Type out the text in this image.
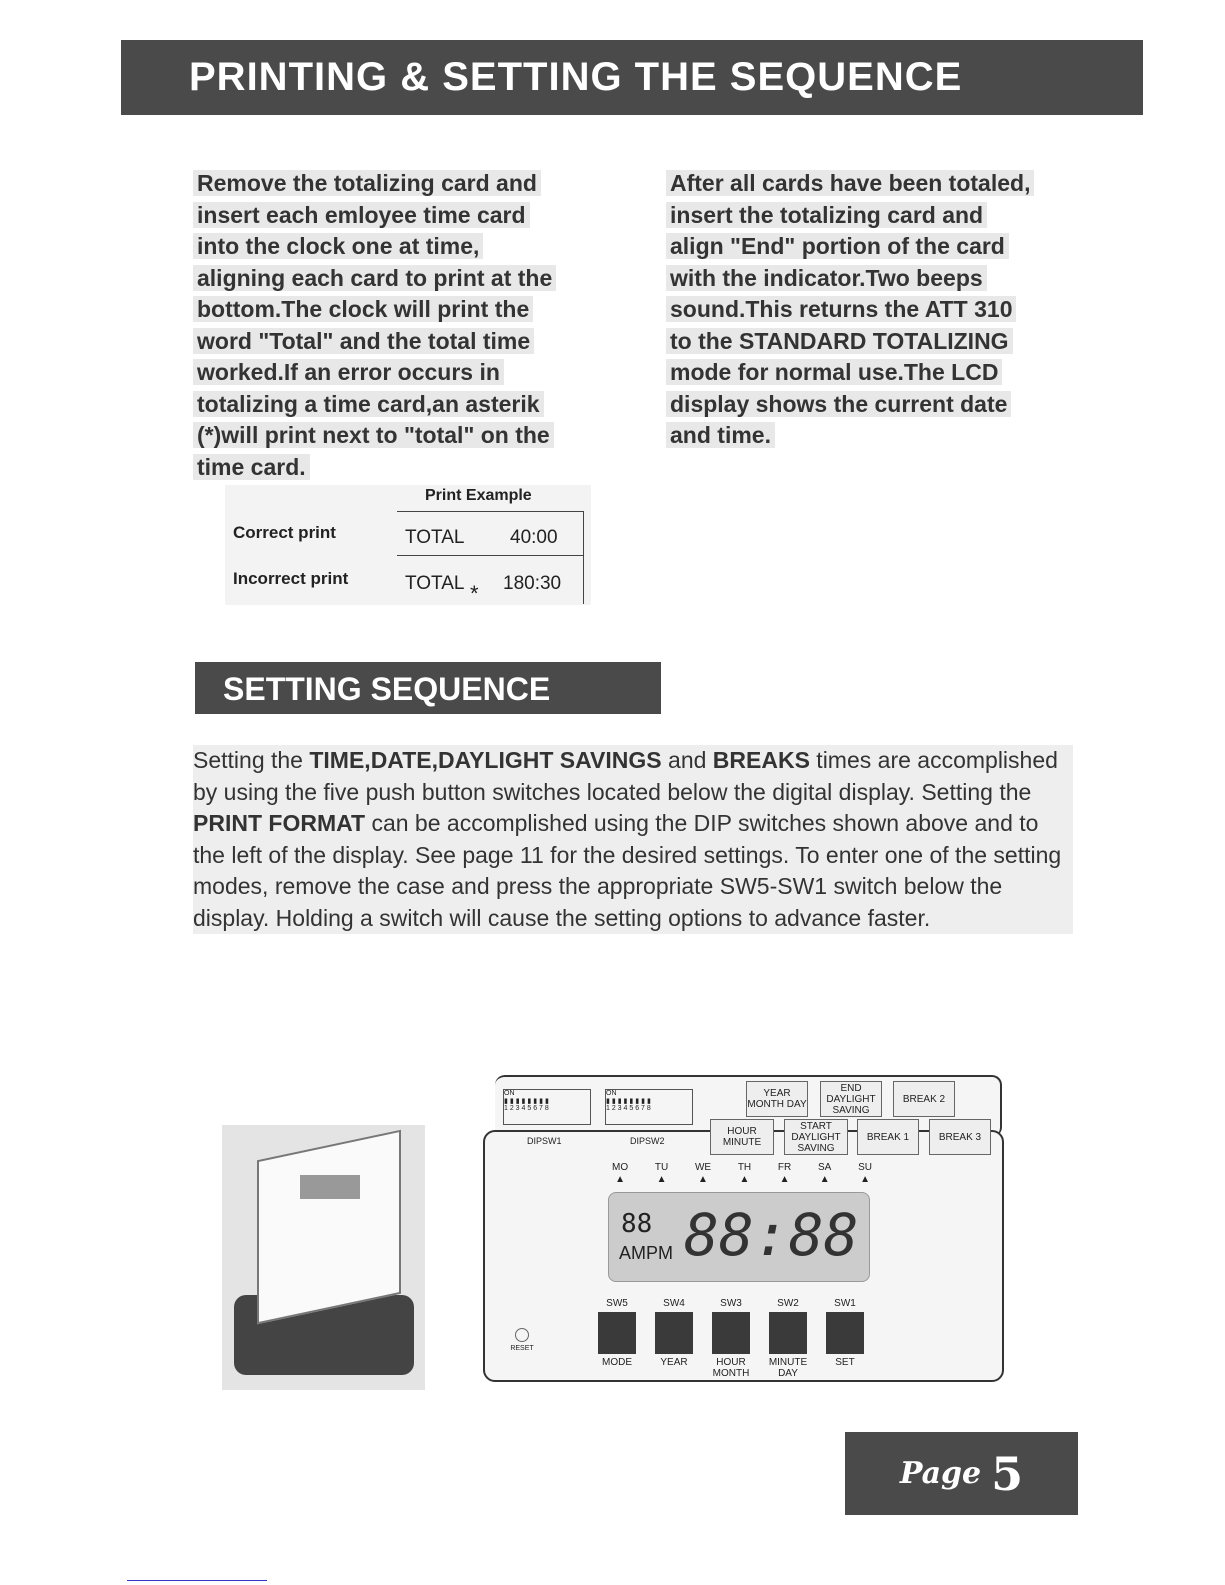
PRINTING & SETTING THE SEQUENCE
Remove the totalizing card and
insert each emloyee time card
into the clock one at time,
aligning each card to print at the
bottom.The clock will print the
word "Total" and the total time
worked.If an error occurs in
totalizing a time card,an asterik
(*)will print next to "total" on the
time card.
After all cards have been totaled,
insert the totalizing card and
align "End" portion of the card
with the indicator.Two beeps
sound.This returns the ATT 310
to the STANDARD TOTALIZING
mode for normal use.The LCD
display shows the current date
and time.
Print Example
Correct print	TOTAL 40:00
Incorrect print	TOTAL * 180:30
SETTING SEQUENCE
Setting the TIME,DATE,DAYLIGHT SAVINGS and BREAKS times are accomplished by using the five push button switches located below the digital display. Setting the PRINT FORMAT can be accomplished using the DIP switches shown above and to the left of the display. See page 11 for the desired settings. To enter one of the setting modes, remove the case and press the appropriate SW5-SW1 switch below the display. Holding a switch will cause the setting options to advance faster.
ON
▮▮▮▮▮▮▮▮
1 2 3 4 5 6 7 8
ON
▮▮▮▮▮▮▮▮
1 2 3 4 5 6 7 8
DIPSW1	DIPSW2
YEAR MONTH DAY
END DAYLIGHT SAVING
BREAK 2
HOUR MINUTE
START DAYLIGHT SAVING
BREAK 1	BREAK 3
MO
▲
TU
▲
WE
▲
TH
▲
FR
▲
SA
▲
SU
▲
88
AMPM 88:88
RESET
SW5
MODE
SW4
YEAR
SW3
HOUR MONTH
SW2
MINUTE DAY
SW1
SET
Page 5
